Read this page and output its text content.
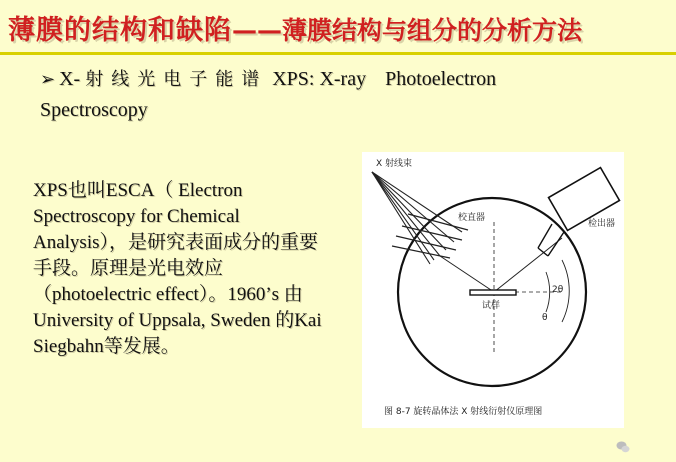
薄膜的结构和缺陷——薄膜结构与组分的分析方法
➢ X- 射线光电子能谱 XPS: X-ray Photoelectron
Spectroscopy
XPS也叫ESCA（ Electron Spectroscopy for Chemical Analysis），是研究表面成分的重要手段。原理是光电效应（photoelectric effect）。1960’s 由University of Uppsala, Sweden 的Kai Siegbahn等发展。
X 射线束
校直器
检出器
试样
2θ
θ
图 8-7 旋转晶体法 X 射线衍射仪原理图
